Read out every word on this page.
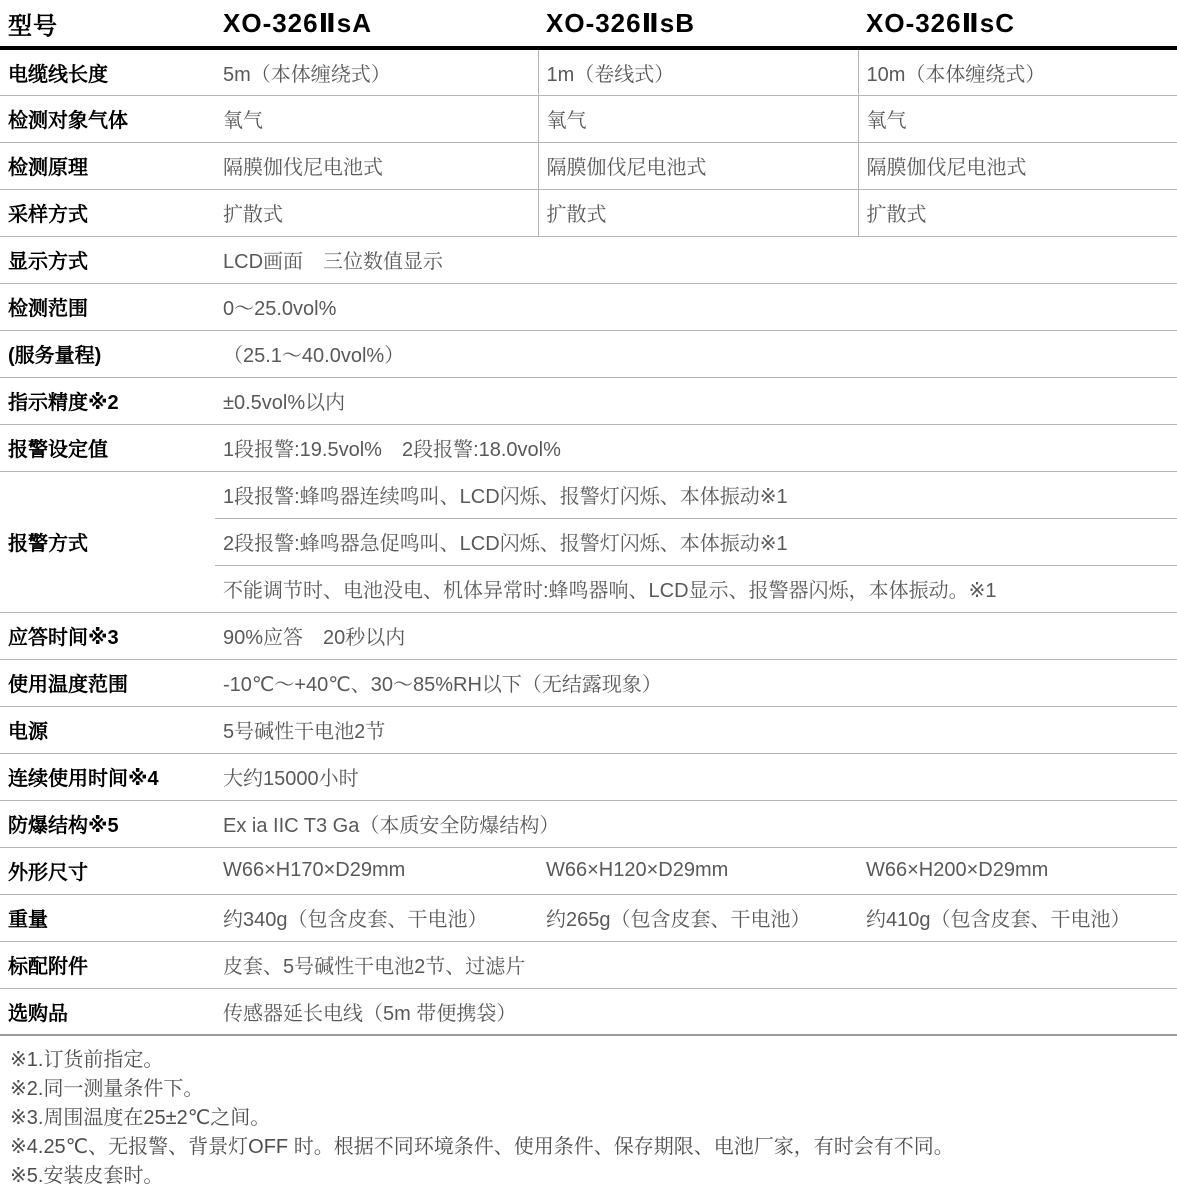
型号	XO-326ⅡsA	XO-326ⅡsB	XO-326ⅡsC
电缆线长度	5m（本体缠绕式）	1m（卷线式）	10m（本体缠绕式）
检测对象气体	氧气	氧气	氧气
检测原理	隔膜伽伐尼电池式	隔膜伽伐尼电池式	隔膜伽伐尼电池式
采样方式	扩散式	扩散式	扩散式
显示方式	LCD画面　三位数值显示		
检测范围	0～25.0vol%		
(服务量程)	（25.1～40.0vol%）		
指示精度※2	±0.5vol%以内		
报警设定值	1段报警:19.5vol%　2段报警:18.0vol%		
报警方式	1段报警:蜂鸣器连续鸣叫、LCD闪烁、报警灯闪烁、本体振动※1		
	2段报警:蜂鸣器急促鸣叫、LCD闪烁、报警灯闪烁、本体振动※1		
	不能调节时、电池没电、机体异常时:蜂鸣器响、LCD显示、报警器闪烁，本体振动。※1		
应答时间※3	90%应答　20秒以内		
使用温度范围	-10℃～+40℃、30～85%RH以下（无结露现象）		
电源	5号碱性干电池2节		
连续使用时间※4	大约15000小时		
防爆结构※5	Ex ia IIC T3 Ga（本质安全防爆结构）		
外形尺寸	W66×H170×D29mm	W66×H120×D29mm	W66×H200×D29mm
重量	约340g（包含皮套、干电池）	约265g（包含皮套、干电池）	约410g（包含皮套、干电池）
标配附件	皮套、5号碱性干电池2节、过滤片		
选购品	传感器延长电线（5m 带便携袋）		
※1.订货前指定。
※2.同一测量条件下。
※3.周围温度在25±2℃之间。
※4.25℃、无报警、背景灯OFF 时。根据不同环境条件、使用条件、保存期限、电池厂家，有时会有不同。
※5.安装皮套时。
